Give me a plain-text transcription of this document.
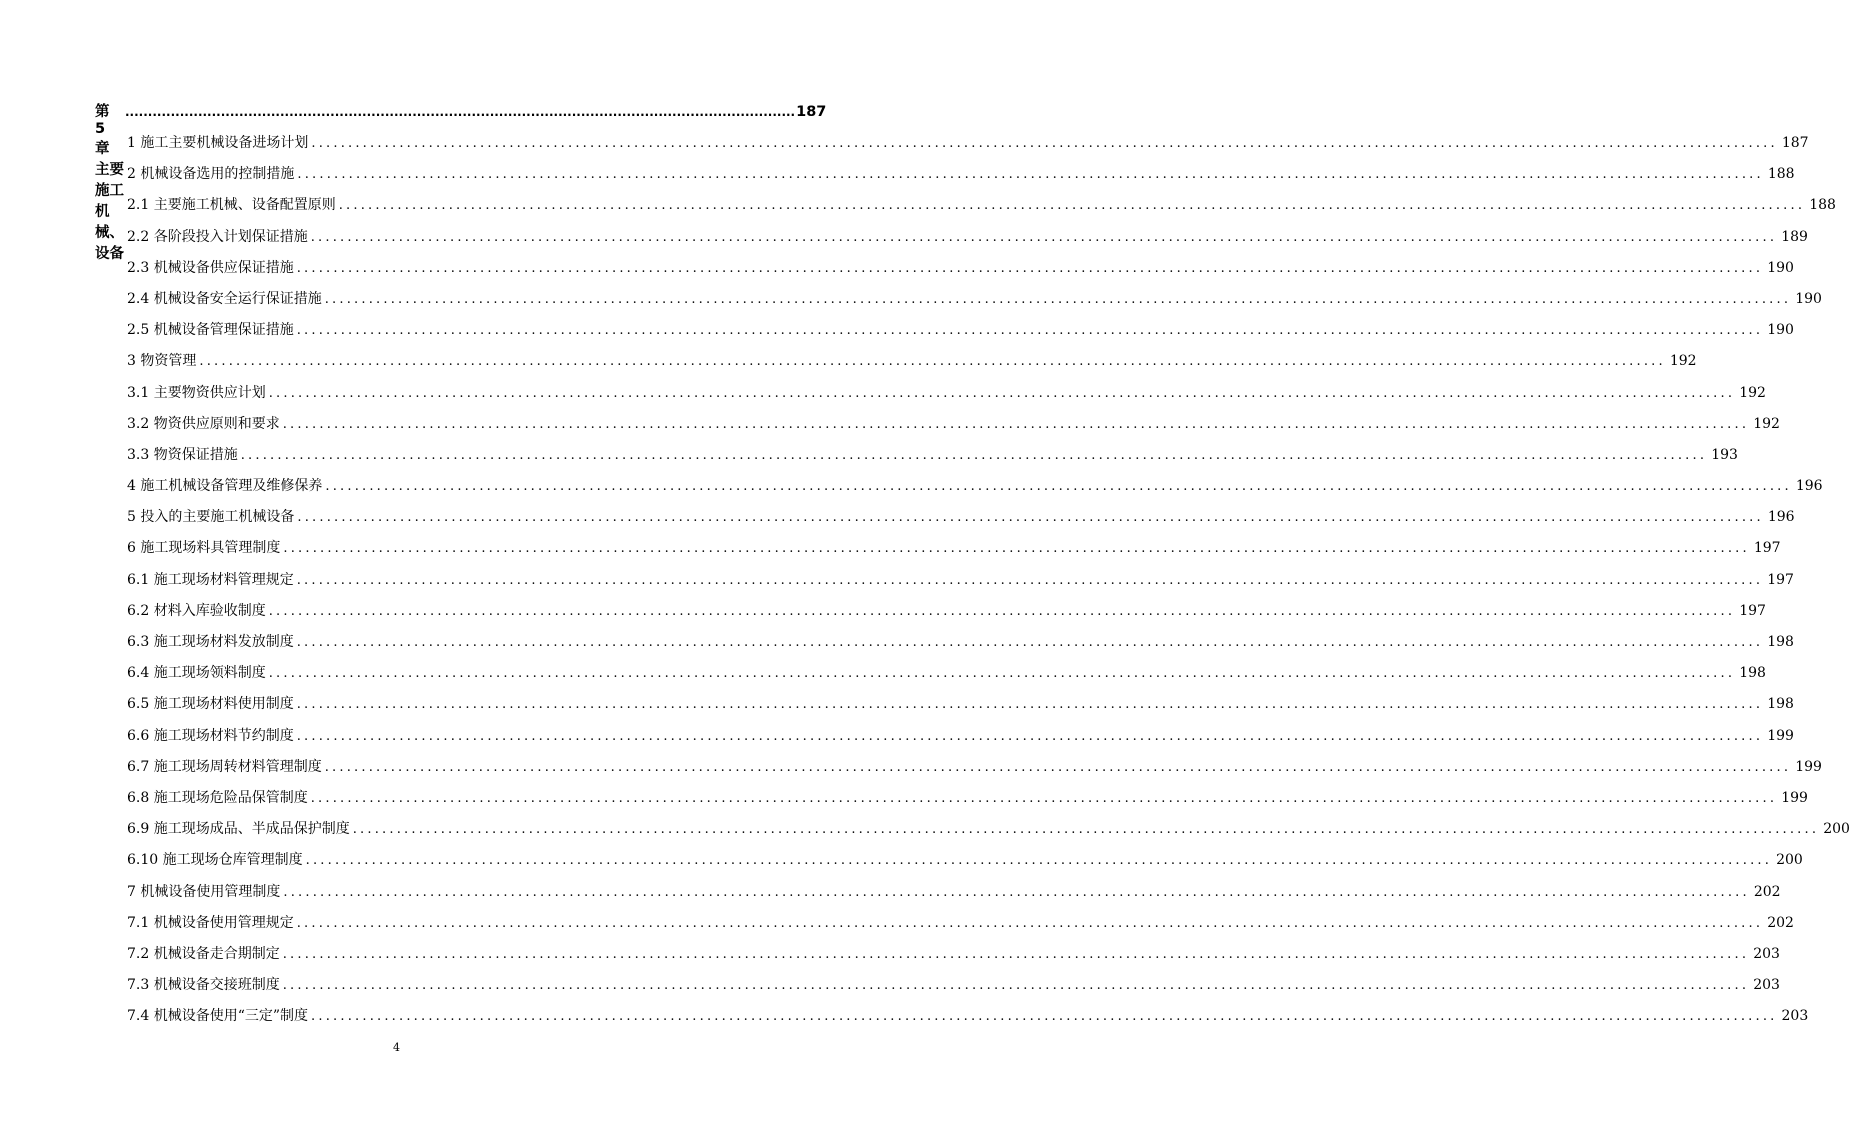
第 5 章 主要施工机械、设备
................................................................................................................................................... 187
1 施工主要机械设备进场计划 ........................................................................................................................................................................................................ 187
2 机械设备选用的控制措施 ........................................................................................................................................................................................................ 188
2.1 主要施工机械、设备配置原则 ........................................................................................................................................................................................................ 188
2.2 各阶段投入计划保证措施 ........................................................................................................................................................................................................ 189
2.3 机械设备供应保证措施 ........................................................................................................................................................................................................ 190
2.4 机械设备安全运行保证措施 ........................................................................................................................................................................................................ 190
2.5 机械设备管理保证措施 ........................................................................................................................................................................................................ 190
3 物资管理 ........................................................................................................................................................................................................ 192
3.1 主要物资供应计划 ........................................................................................................................................................................................................ 192
3.2 物资供应原则和要求 ........................................................................................................................................................................................................ 192
3.3 物资保证措施 ........................................................................................................................................................................................................ 193
4 施工机械设备管理及维修保养 ........................................................................................................................................................................................................ 196
5 投入的主要施工机械设备 ........................................................................................................................................................................................................ 196
6 施工现场料具管理制度 ........................................................................................................................................................................................................ 197
6.1 施工现场材料管理规定 ........................................................................................................................................................................................................ 197
6.2 材料入库验收制度 ........................................................................................................................................................................................................ 197
6.3 施工现场材料发放制度 ........................................................................................................................................................................................................ 198
6.4 施工现场领料制度 ........................................................................................................................................................................................................ 198
6.5 施工现场材料使用制度 ........................................................................................................................................................................................................ 198
6.6 施工现场材料节约制度 ........................................................................................................................................................................................................ 199
6.7 施工现场周转材料管理制度 ........................................................................................................................................................................................................ 199
6.8 施工现场危险品保管制度 ........................................................................................................................................................................................................ 199
6.9 施工现场成品、半成品保护制度 ........................................................................................................................................................................................................ 200
6.10 施工现场仓库管理制度 ........................................................................................................................................................................................................ 200
7 机械设备使用管理制度 ........................................................................................................................................................................................................ 202
7.1 机械设备使用管理规定 ........................................................................................................................................................................................................ 202
7.2 机械设备走合期制定 ........................................................................................................................................................................................................ 203
7.3 机械设备交接班制度 ........................................................................................................................................................................................................ 203
7.4 机械设备使用“三定”制度 ........................................................................................................................................................................................................ 203
4
